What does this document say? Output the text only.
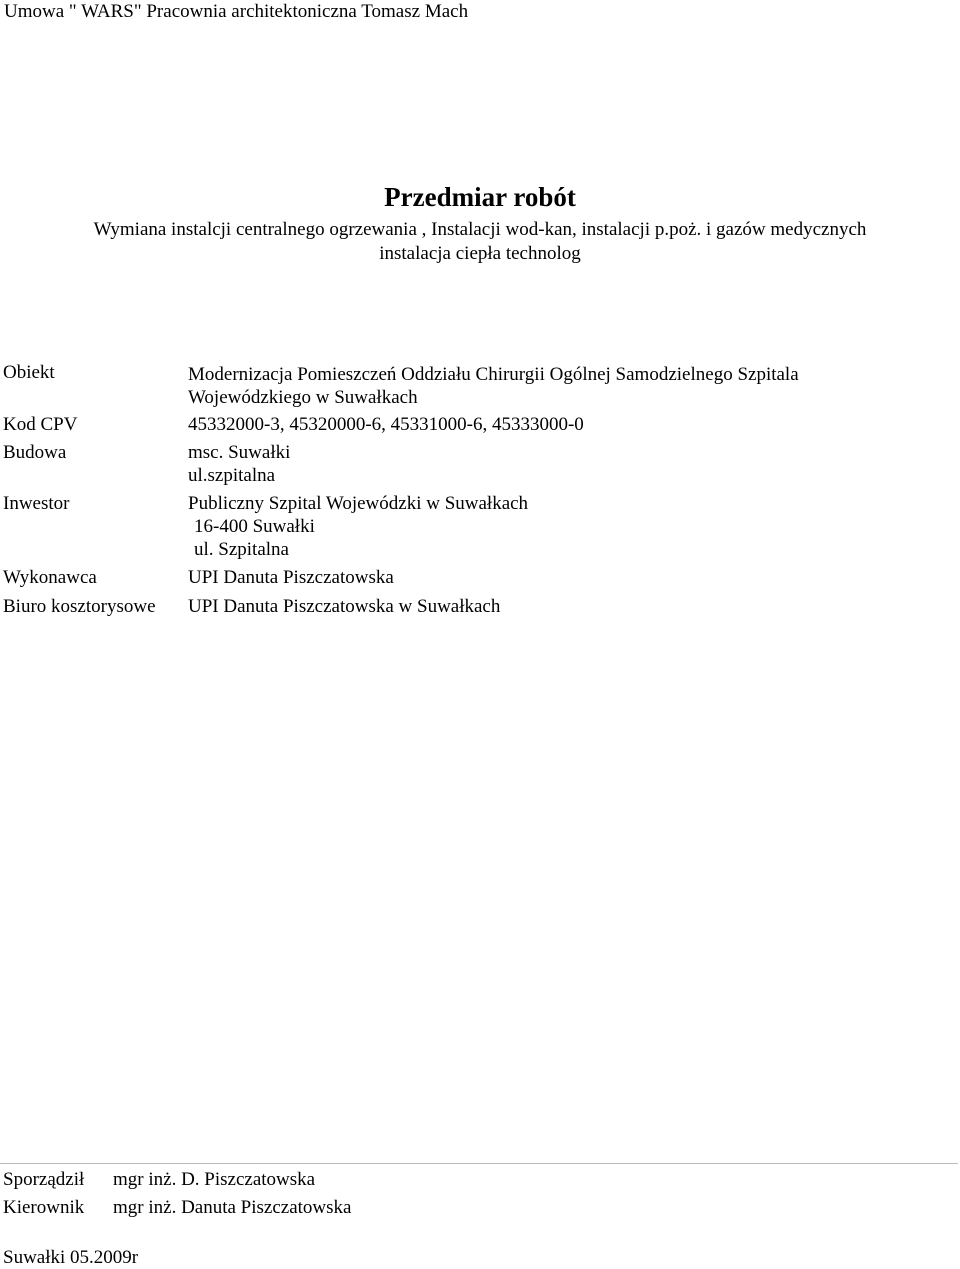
Umowa " WARS" Pracownia architektoniczna Tomasz Mach
Przedmiar robót
Wymiana instalcji centralnego ogrzewania , Instalacji wod-kan, instalacji p.poż. i gazów medycznych
instalacja ciepła technolog
Obiekt	Modernizacja Pomieszczeń Oddziału Chirurgii Ogólnej Samodzielnego Szpitala
Wojewódzkiego w Suwałkach
Kod CPV	45332000-3, 45320000-6, 45331000-6, 45333000-0
Budowa	msc. Suwałki
ul.szpitalna
Inwestor	Publiczny Szpital Wojewódzki w Suwałkach
16-400 Suwałki
ul. Szpitalna
Wykonawca	UPI Danuta Piszczatowska
Biuro kosztorysowe UPI Danuta Piszczatowska w Suwałkach
Sporządził mgr inż. D. Piszczatowska
Kierownik mgr inż. Danuta Piszczatowska
Suwałki 05.2009r
